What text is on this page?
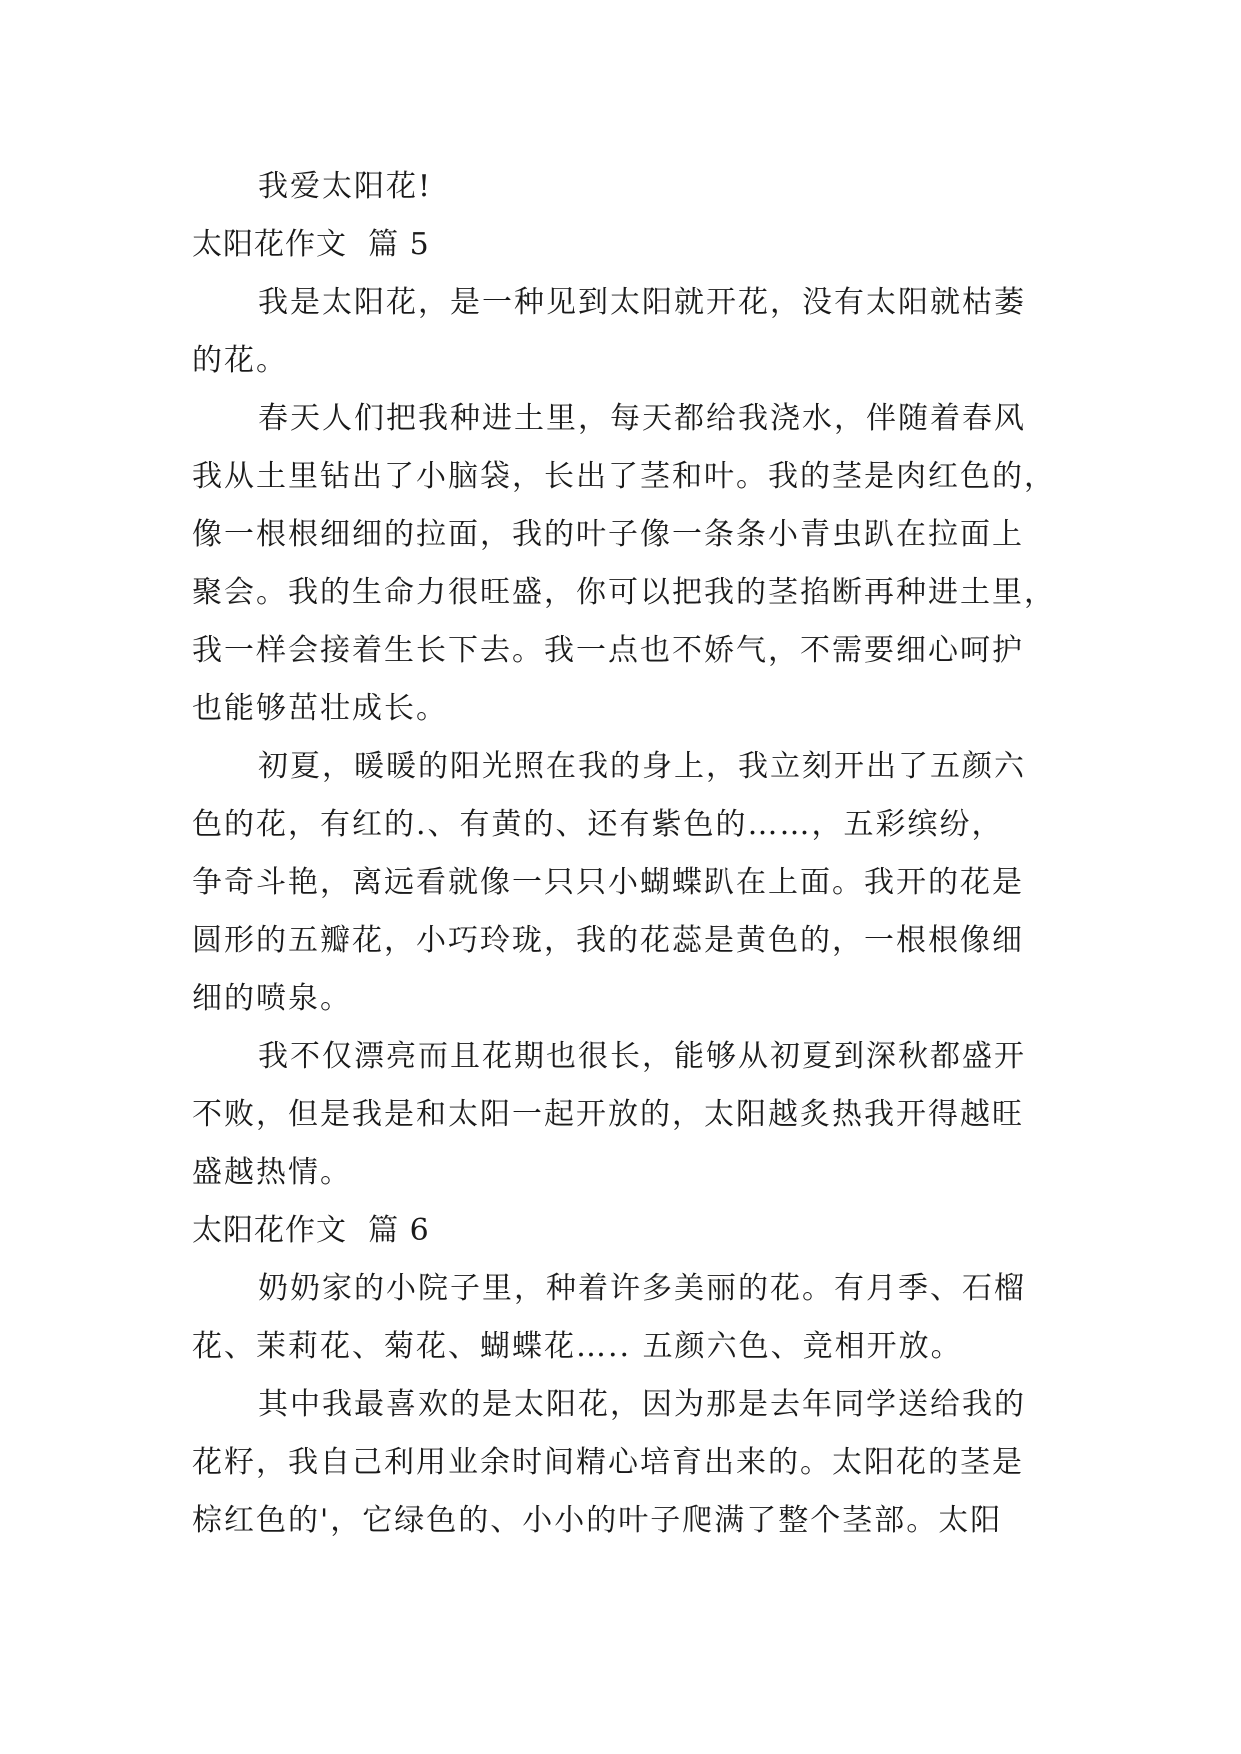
我爱太阳花!
太阳花作文  篇 5
我是太阳花，是一种见到太阳就开花，没有太阳就枯萎
的花。
春天人们把我种进土里，每天都给我浇水，伴随着春风
我从土里钻出了小脑袋，长出了茎和叶。我的茎是肉红色的，
像一根根细细的拉面，我的叶子像一条条小青虫趴在拉面上
聚会。我的生命力很旺盛，你可以把我的茎掐断再种进土里，
我一样会接着生长下去。我一点也不娇气，不需要细心呵护
也能够茁壮成长。
初夏，暖暖的阳光照在我的身上，我立刻开出了五颜六
色的花，有红的.、有黄的、还有紫色的……，五彩缤纷，
争奇斗艳，离远看就像一只只小蝴蝶趴在上面。我开的花是
圆形的五瓣花，小巧玲珑，我的花蕊是黄色的，一根根像细
细的喷泉。
我不仅漂亮而且花期也很长，能够从初夏到深秋都盛开
不败，但是我是和太阳一起开放的，太阳越炙热我开得越旺
盛越热情。
太阳花作文  篇 6
奶奶家的小院子里，种着许多美丽的花。有月季、石榴
花、茉莉花、菊花、蝴蝶花….. 五颜六色、竞相开放。
其中我最喜欢的是太阳花，因为那是去年同学送给我的
花籽，我自己利用业余时间精心培育出来的。太阳花的茎是
棕红色的'，它绿色的、小小的叶子爬满了整个茎部。太阳
